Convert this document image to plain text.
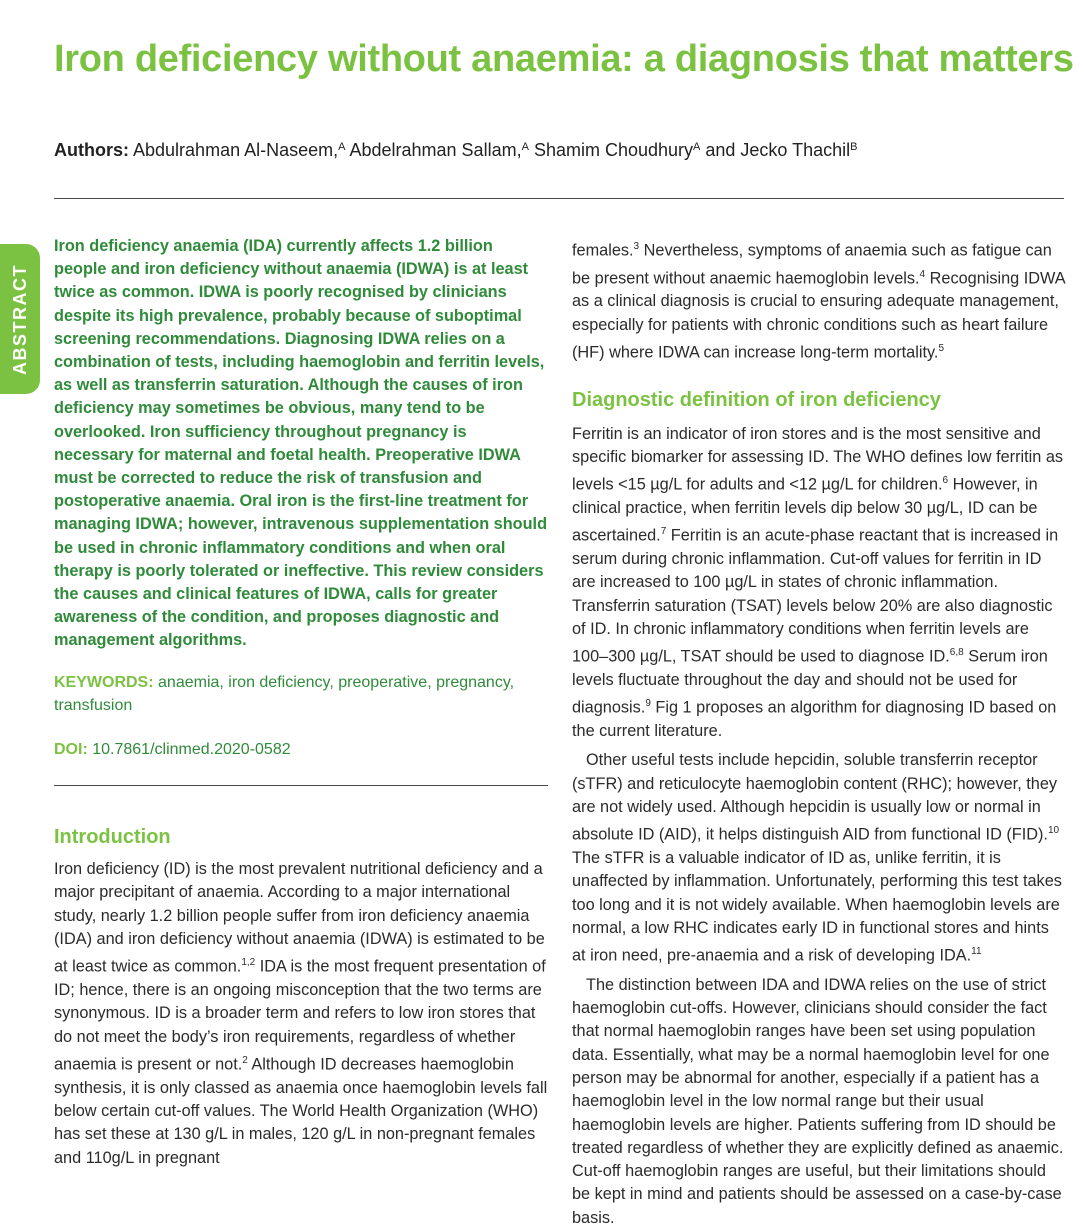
Iron deficiency without anaemia: a diagnosis that matters
Authors: Abdulrahman Al-Naseem,$^A$ Abdelrahman Sallam,$^A$ Shamim Choudhury$^A$ and Jecko Thachil$^B$
ABSTRACT

Iron deficiency anaemia (IDA) currently affects 1.2 billion people and iron deficiency without anaemia (IDWA) is at least twice as common. IDWA is poorly recognised by clinicians despite its high prevalence, probably because of suboptimal screening recommendations. Diagnosing IDWA relies on a combination of tests, including haemoglobin and ferritin levels, as well as transferrin saturation. Although the causes of iron deficiency may sometimes be obvious, many tend to be overlooked. Iron sufficiency throughout pregnancy is necessary for maternal and foetal health. Preoperative IDWA must be corrected to reduce the risk of transfusion and postoperative anaemia. Oral iron is the first-line treatment for managing IDWA; however, intravenous supplementation should be used in chronic inflammatory conditions and when oral therapy is poorly tolerated or ineffective. This review considers the causes and clinical features of IDWA, calls for greater awareness of the condition, and proposes diagnostic and management algorithms.

KEYWORDS: anaemia, iron deficiency, preoperative, pregnancy, transfusion

DOI: 10.7861/clinmed.2020-0582

Introduction

Iron deficiency (ID) is the most prevalent nutritional deficiency and a major precipitant of anaemia. According to a major international study, nearly 1.2 billion people suffer from iron deficiency anaemia (IDA) and iron deficiency without anaemia (IDWA) is estimated to be at least twice as common.$^{1,2}$ IDA is the most frequent presentation of ID; hence, there is an ongoing misconception that the two terms are synonymous. ID is a broader term and refers to low iron stores that do not meet the body’s iron requirements, regardless of whether anaemia is present or not.$^2$ Although ID decreases haemoglobin synthesis, it is only classed as anaemia once haemoglobin levels fall below certain cut-off values. The World Health Organization (WHO) has set these at 130 g/L in males, 120 g/L in non-pregnant females and 110g/L in pregnant

females.$^3$ Nevertheless, symptoms of anaemia such as fatigue can be present without anaemic haemoglobin levels.$^4$ Recognising IDWA as a clinical diagnosis is crucial to ensuring adequate management, especially for patients with chronic conditions such as heart failure (HF) where IDWA can increase long-term mortality.$^5$

Diagnostic definition of iron deficiency

Ferritin is an indicator of iron stores and is the most sensitive and specific biomarker for assessing ID. The WHO defines low ferritin as levels <15 µg/L for adults and <12 µg/L for children.$^6$ However, in clinical practice, when ferritin levels dip below 30 µg/L, ID can be ascertained.$^7$ Ferritin is an acute-phase reactant that is increased in serum during chronic inflammation. Cut-off values for ferritin in ID are increased to 100 µg/L in states of chronic inflammation. Transferrin saturation (TSAT) levels below 20% are also diagnostic of ID. In chronic inflammatory conditions when ferritin levels are 100–300 µg/L, TSAT should be used to diagnose ID.$^{6,8}$ Serum iron levels fluctuate throughout the day and should not be used for diagnosis.$^9$ Fig 1 proposes an algorithm for diagnosing ID based on the current literature.

Other useful tests include hepcidin, soluble transferrin receptor (sTFR) and reticulocyte haemoglobin content (RHC); however, they are not widely used. Although hepcidin is usually low or normal in absolute ID (AID), it helps distinguish AID from functional ID (FID).$^{10}$ The sTFR is a valuable indicator of ID as, unlike ferritin, it is unaffected by inflammation. Unfortunately, performing this test takes too long and it is not widely available. When haemoglobin levels are normal, a low RHC indicates early ID in functional stores and hints at iron need, pre-anaemia and a risk of developing IDA.$^{11}$

The distinction between IDA and IDWA relies on the use of strict haemoglobin cut-offs. However, clinicians should consider the fact that normal haemoglobin ranges have been set using population data. Essentially, what may be a normal haemoglobin level for one person may be abnormal for another, especially if a patient has a haemoglobin level in the low normal range but their usual haemoglobin levels are higher. Patients suffering from ID should be treated regardless of whether they are explicitly defined as anaemic. Cut-off haemoglobin ranges are useful, but their limitations should be kept in mind and patients should be assessed on a case-by-case basis.
